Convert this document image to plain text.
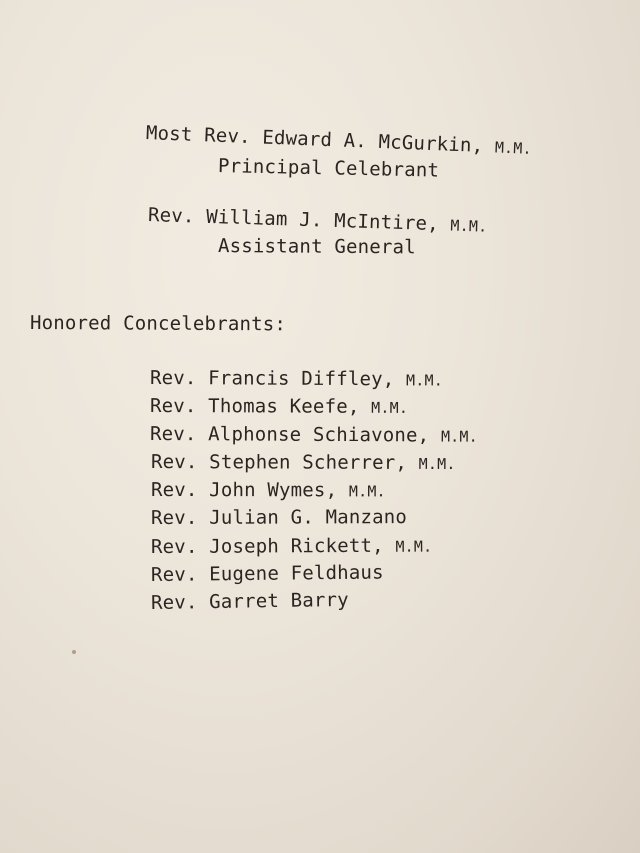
Most Rev. Edward A. McGurkin, M.M.
Principal Celebrant
Rev. William J. McIntire, M.M.
Assistant General
Honored Concelebrants:
Rev. Francis Diffley, M.M.
Rev. Thomas Keefe, M.M.
Rev. Alphonse Schiavone, M.M.
Rev. Stephen Scherrer, M.M.
Rev. John Wymes, M.M.
Rev. Julian G. Manzano
Rev. Joseph Rickett, M.M.
Rev. Eugene Feldhaus
Rev. Garret Barry
